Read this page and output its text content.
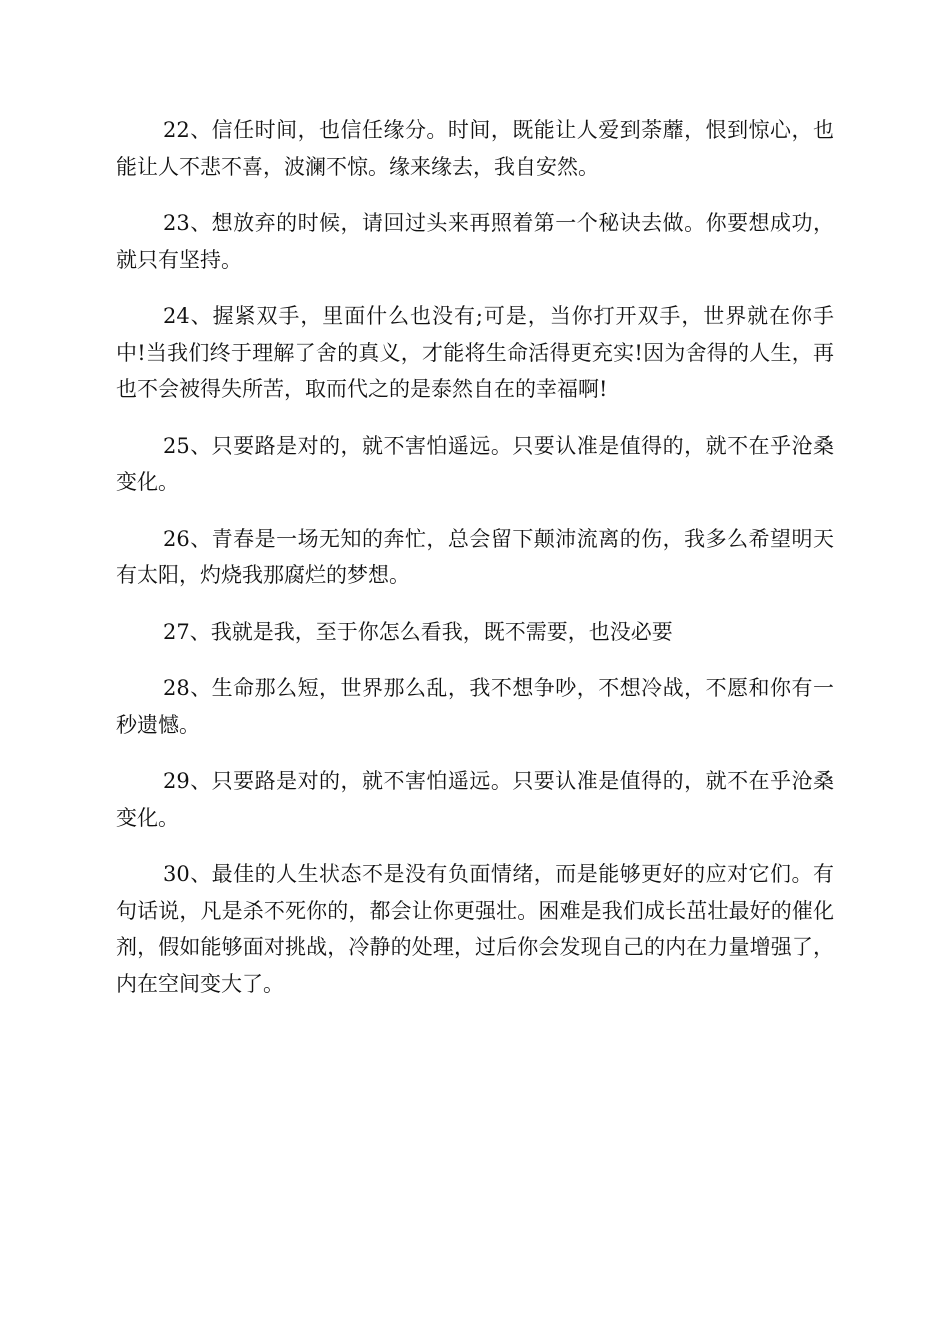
22、信任时间，也信任缘分。时间，既能让人爱到荼蘼，恨到惊心，也能让人不悲不喜，波澜不惊。缘来缘去，我自安然。

23、想放弃的时候，请回过头来再照着第一个秘诀去做。你要想成功，就只有坚持。

24、握紧双手，里面什么也没有;可是，当你打开双手，世界就在你手中!当我们终于理解了舍的真义，才能将生命活得更充实!因为舍得的人生，再也不会被得失所苦，取而代之的是泰然自在的幸福啊!

25、只要路是对的，就不害怕遥远。只要认准是值得的，就不在乎沧桑变化。

26、青春是一场无知的奔忙，总会留下颠沛流离的伤，我多么希望明天有太阳，灼烧我那腐烂的梦想。

27、我就是我，至于你怎么看我，既不需要，也没必要

28、生命那么短，世界那么乱，我不想争吵，不想冷战，不愿和你有一秒遗憾。

29、只要路是对的，就不害怕遥远。只要认准是值得的，就不在乎沧桑变化。

30、最佳的人生状态不是没有负面情绪，而是能够更好的应对它们。有句话说，凡是杀不死你的，都会让你更强壮。困难是我们成长茁壮最好的催化剂，假如能够面对挑战，冷静的处理，过后你会发现自己的内在力量增强了，内在空间变大了。
